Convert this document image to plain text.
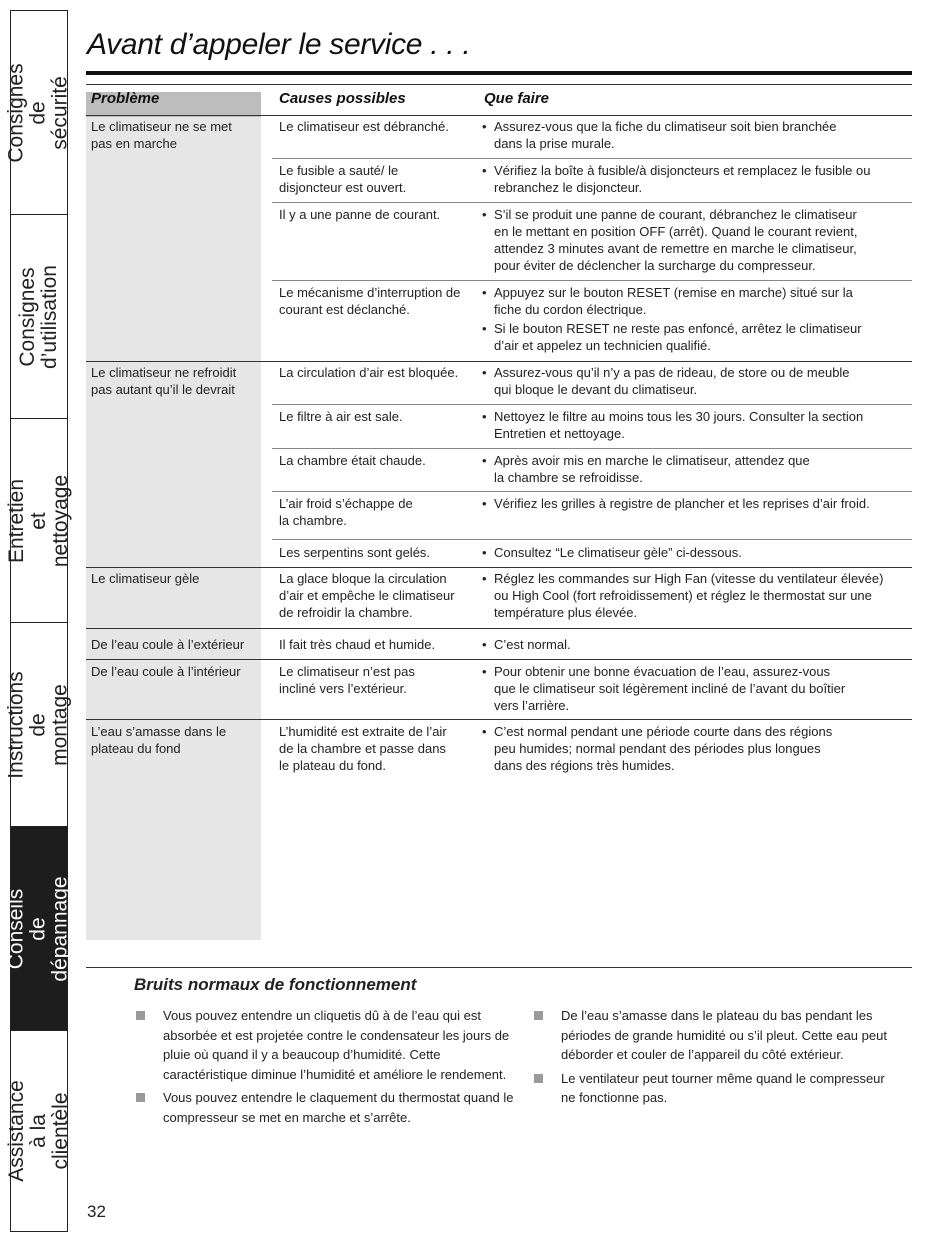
Consignes de sécurité
Consignes d’utilisation
Entretien et nettoyage
Instructions de montage
Conseils de dépannage
Assistance à la clientèle
Avant d’appeler le service . . .
Problème	Causes possibles	Que faire
Le climatiseur ne se met pas en marche
Le climatiseur ne refroidit pas autant qu’il le devrait
Le climatiseur gèle
De l’eau coule à l’extérieur
De l’eau coule à l’intérieur
L’eau s’amasse dans le plateau du fond
Le climatiseur est débranché.
Le fusible a sauté/ le disjoncteur est ouvert.
Il y a une panne de courant.
Le mécanisme d’interruption de courant est déclanché.
La circulation d’air est bloquée.
Le filtre à air est sale.
La chambre était chaude.
L’air froid s’échappe de la chambre.
Les serpentins sont gelés.
La glace bloque la circulation d’air et empêche le climatiseur de refroidir la chambre.
Il fait très chaud et humide.
Le climatiseur n’est pas incliné vers l’extérieur.
L’humidité est extraite de l’air de la chambre et passe dans le plateau du fond.
• Assurez-vous que la fiche du climatiseur soit bien branchée dans la prise murale.
• Vérifiez la boîte à fusible/à disjoncteurs et remplacez le fusible ou rebranchez le disjoncteur.
• S’il se produit une panne de courant, débranchez le climatiseur en le mettant en position OFF (arrêt). Quand le courant revient, attendez 3 minutes avant de remettre en marche le climatiseur, pour éviter de déclencher la surcharge du compresseur.
• Appuyez sur le bouton RESET (remise en marche) situé sur la fiche du cordon électrique.
• Si le bouton RESET ne reste pas enfoncé, arrêtez le climatiseur d’air et appelez un technicien qualifié.
• Assurez-vous qu’il n’y a pas de rideau, de store ou de meuble qui bloque le devant du climatiseur.
• Nettoyez le filtre au moins tous les 30 jours. Consulter la section Entretien et nettoyage.
• Après avoir mis en marche le climatiseur, attendez que la chambre se refroidisse.
• Vérifiez les grilles à registre de plancher et les reprises d’air froid.
• Consultez “Le climatiseur gèle” ci-dessous.
• Réglez les commandes sur High Fan (vitesse du ventilateur élevée) ou High Cool (fort refroidissement) et réglez le thermostat sur une température plus élevée.
• C’est normal.
• Pour obtenir une bonne évacuation de l’eau, assurez-vous que le climatiseur soit légèrement incliné de l’avant du boîtier vers l’arrière.
• C’est normal pendant une période courte dans des régions peu humides; normal pendant des périodes plus longues dans des régions très humides.
Bruits normaux de fonctionnement
Vous pouvez entendre un cliquetis dû à de l’eau qui est absorbée et est projetée contre le condensateur les jours de pluie où quand il y a beaucoup d’humidité. Cette caractéristique diminue l’humidité et améliore le rendement.
Vous pouvez entendre le claquement du thermostat quand le compresseur se met en marche et s’arrête.
De l’eau s’amasse dans le plateau du bas pendant les périodes de grande humidité ou s’il pleut. Cette eau peut déborder et couler de l’appareil du côté extérieur.
Le ventilateur peut tourner même quand le compresseur ne fonctionne pas.
32
